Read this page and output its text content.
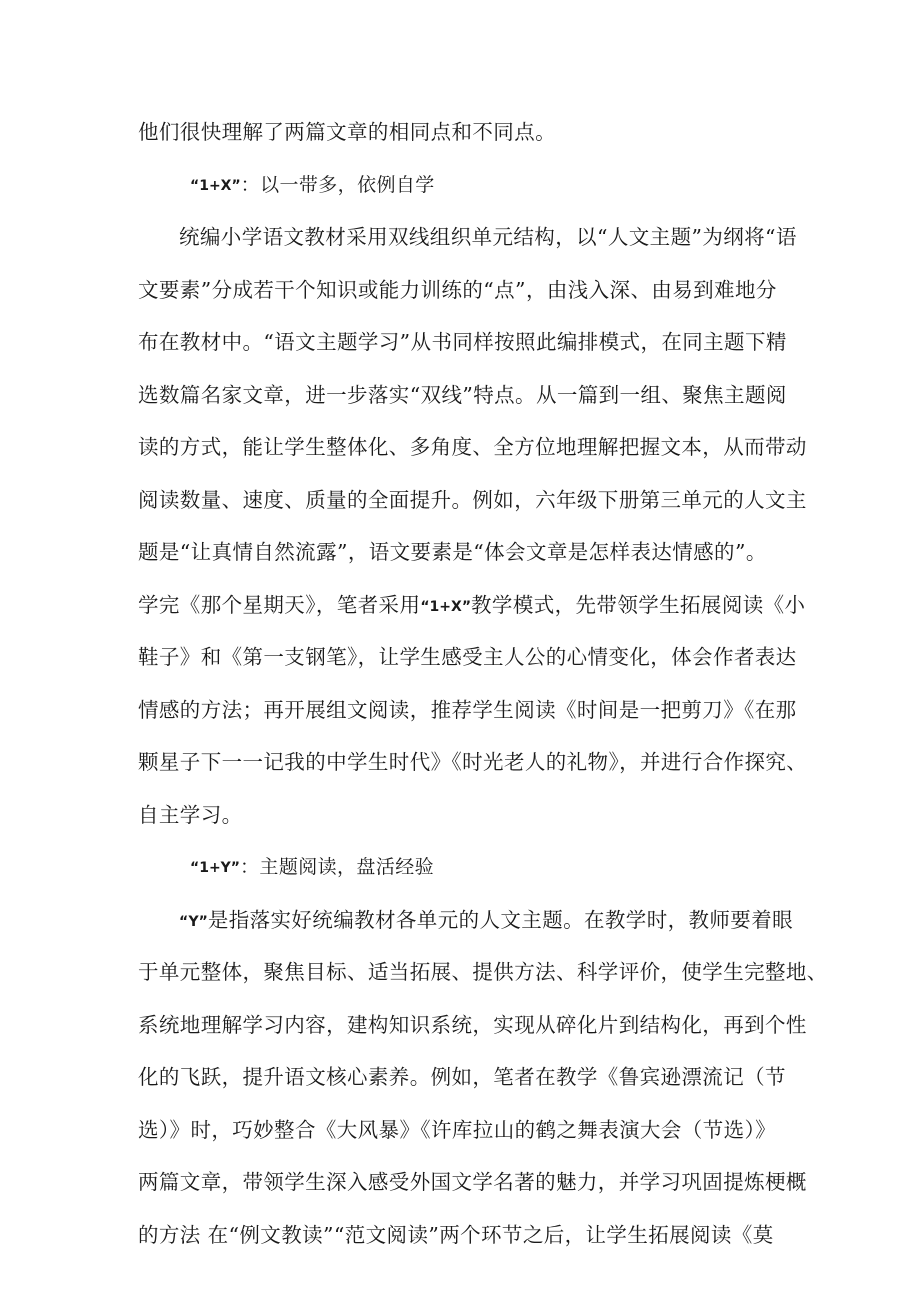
他们很快理解了两篇文章的相同点和不同点。
“1+X”：以一带多，依例自学
统编小学语文教材采用双线组织单元结构，以“人文主题”为纲将“语
文要素”分成若干个知识或能力训练的“点”，由浅入深、由易到难地分
布在教材中。“语文主题学习”从书同样按照此编排模式，在同主题下精
选数篇名家文章，进一步落实“双线”特点。从一篇到一组、聚焦主题阅
读的方式，能让学生整体化、多角度、全方位地理解把握文本，从而带动
阅读数量、速度、质量的全面提升。例如，六年级下册第三单元的人文主
题是“让真情自然流露”，语文要素是“体会文章是怎样表达情感的”。
学完《那个星期天》，笔者采用“1+X”教学模式，先带领学生拓展阅读《小
鞋子》和《第一支钢笔》，让学生感受主人公的心情变化，体会作者表达
情感的方法；再开展组文阅读，推荐学生阅读《时间是一把剪刀》《在那
颗星子下一一记我的中学生时代》《时光老人的礼物》，并进行合作探究、
自主学习。
“1+Y”：主题阅读，盘活经验
“Y”是指落实好统编教材各单元的人文主题。在教学时，教师要着眼
于单元整体，聚焦目标、适当拓展、提供方法、科学评价，使学生完整地、
系统地理解学习内容，建构知识系统，实现从碎化片到结构化，再到个性
化的飞跃，提升语文核心素养。例如，笔者在教学《鲁宾逊漂流记（节
选）》时，巧妙整合《大风暴》《许库拉山的鹤之舞表演大会（节选）》
两篇文章，带领学生深入感受外国文学名著的魅力，并学习巩固提炼梗概
的方法 在“例文教读”“范文阅读”两个环节之后，让学生拓展阅读《莫
